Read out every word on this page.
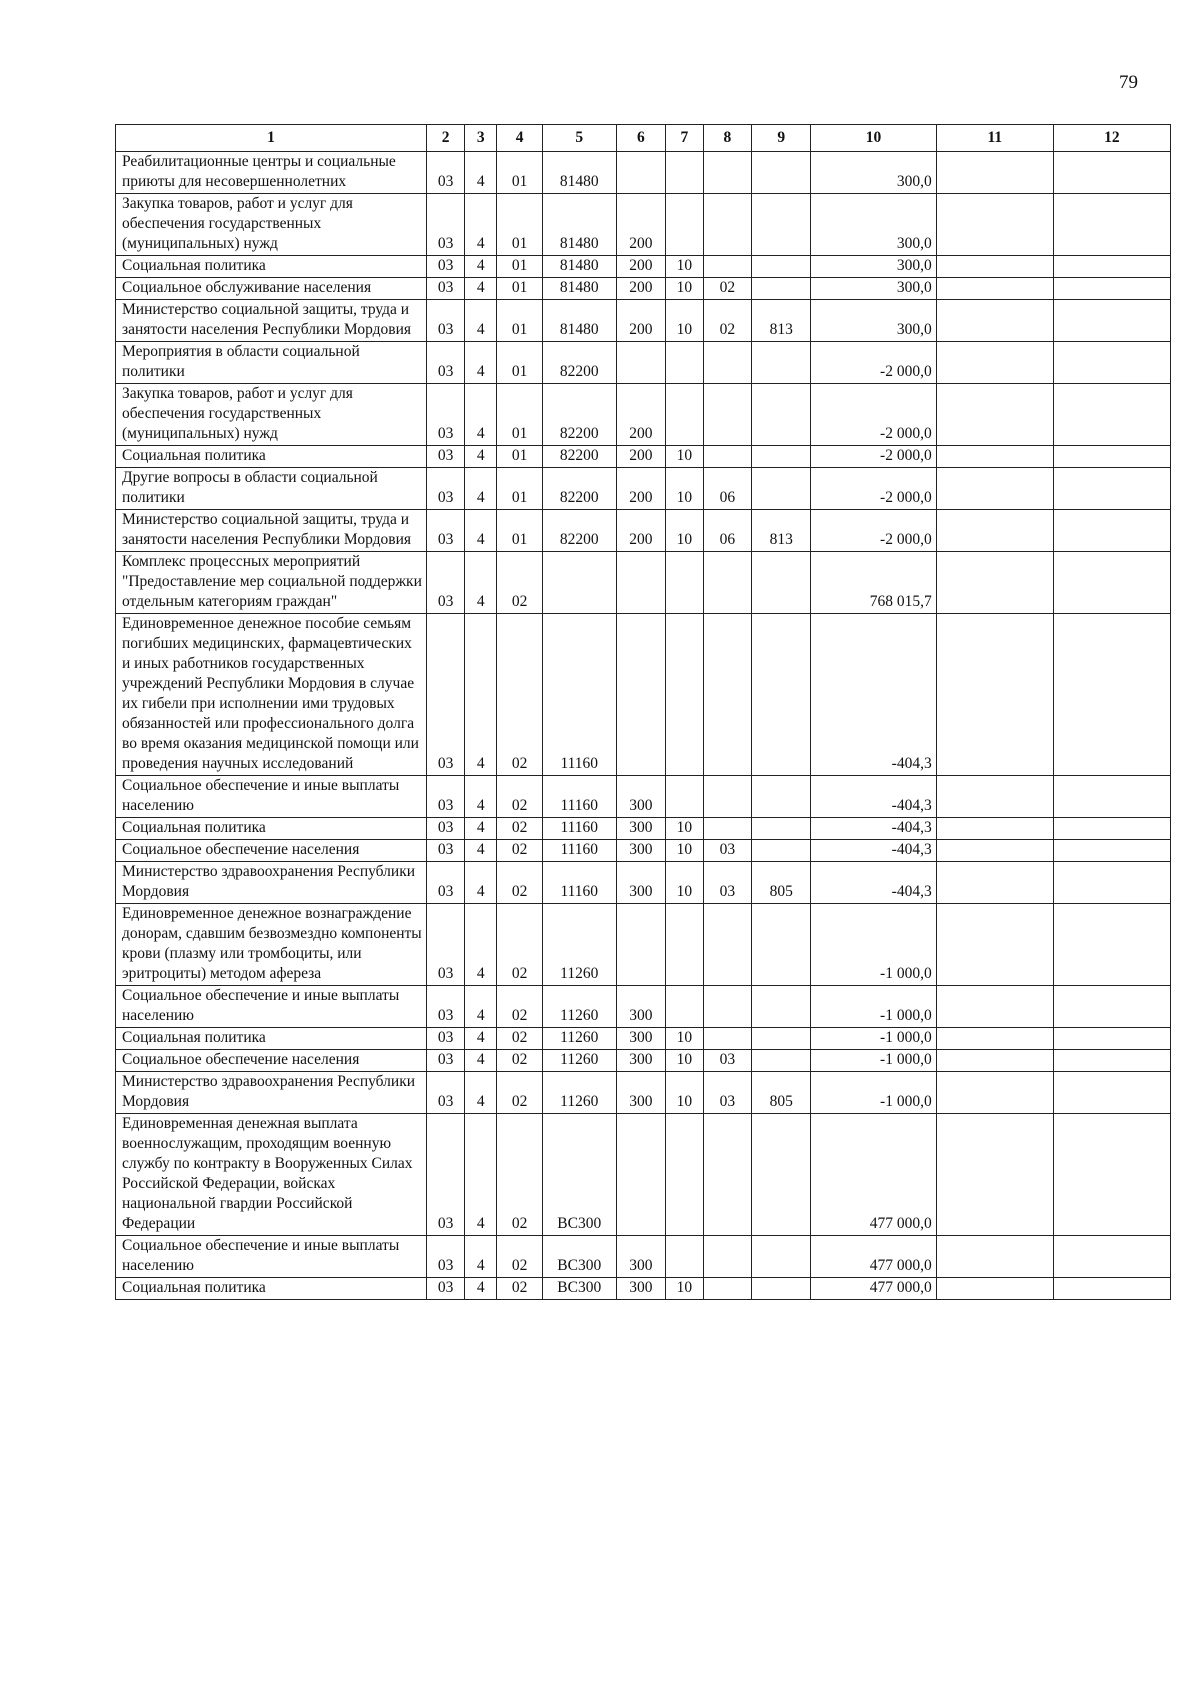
79
1	2	3	4	5	6	7	8	9	10	11	12
Реабилитационные центры и социальные приюты для несовершеннолетних	03	4	01	81480					300,0		
Закупка товаров, работ и услуг для обеспечения государственных (муниципальных) нужд	03	4	01	81480	200				300,0		
Социальная политика	03	4	01	81480	200	10			300,0		
Социальное обслуживание населения	03	4	01	81480	200	10	02		300,0		
Министерство социальной защиты, труда и занятости населения Республики Мордовия	03	4	01	81480	200	10	02	813	300,0		
Мероприятия в области социальной политики	03	4	01	82200					-2 000,0		
Закупка товаров, работ и услуг для обеспечения государственных (муниципальных) нужд	03	4	01	82200	200				-2 000,0		
Социальная политика	03	4	01	82200	200	10			-2 000,0		
Другие вопросы в области социальной политики	03	4	01	82200	200	10	06		-2 000,0		
Министерство социальной защиты, труда и занятости населения Республики Мордовия	03	4	01	82200	200	10	06	813	-2 000,0		
Комплекс процессных мероприятий "Предоставление мер социальной поддержки отдельным категориям граждан"	03	4	02						768 015,7		
Единовременное денежное пособие семьям погибших медицинских, фармацевтических и иных работников государственных учреждений Республики Мордовия в случае их гибели при исполнении ими трудовых обязанностей или профессионального долга во время оказания медицинской помощи или проведения научных исследований	03	4	02	11160					-404,3		
Социальное обеспечение и иные выплаты населению	03	4	02	11160	300				-404,3		
Социальная политика	03	4	02	11160	300	10			-404,3		
Социальное обеспечение населения	03	4	02	11160	300	10	03		-404,3		
Министерство здравоохранения Республики Мордовия	03	4	02	11160	300	10	03	805	-404,3		
Единовременное денежное вознаграждение донорам, сдавшим безвозмездно компоненты крови (плазму или тромбоциты, или эритроциты) методом афереза	03	4	02	11260					-1 000,0		
Социальное обеспечение и иные выплаты населению	03	4	02	11260	300				-1 000,0		
Социальная политика	03	4	02	11260	300	10			-1 000,0		
Социальное обеспечение населения	03	4	02	11260	300	10	03		-1 000,0		
Министерство здравоохранения Республики Мордовия	03	4	02	11260	300	10	03	805	-1 000,0		
Единовременная денежная выплата военнослужащим, проходящим военную службу по контракту в Вооруженных Силах Российской Федерации, войсках национальной гвардии Российской Федерации	03	4	02	ВС300					477 000,0		
Социальное обеспечение и иные выплаты населению	03	4	02	ВС300	300				477 000,0		
Социальная политика	03	4	02	ВС300	300	10			477 000,0		
